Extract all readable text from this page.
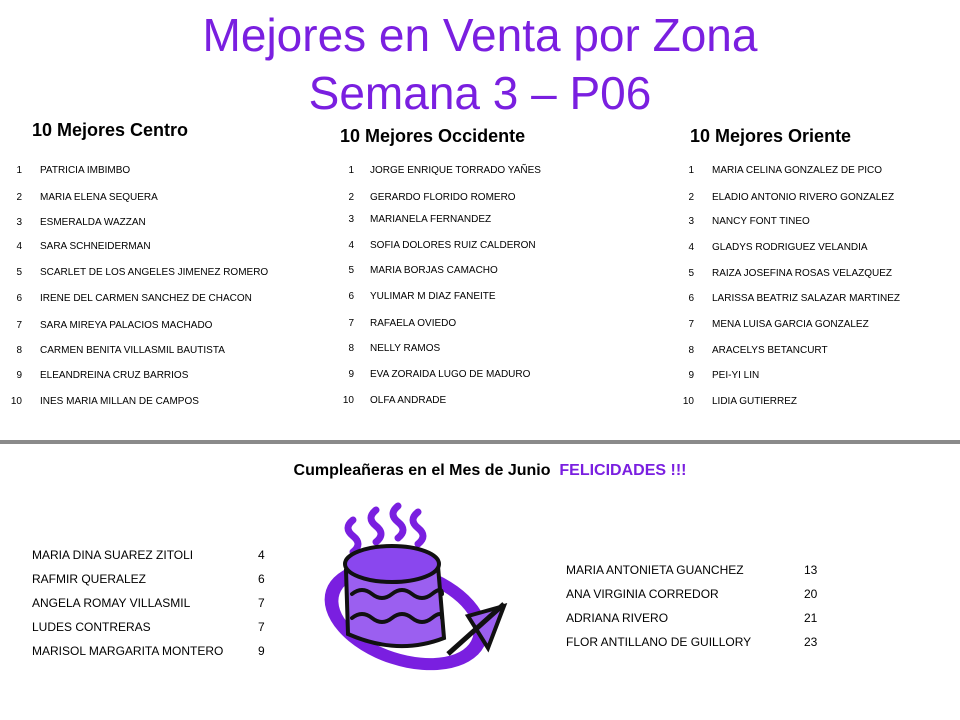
Mejores en Venta por Zona
Semana 3 – P06
10 Mejores Centro
1 PATRICIA IMBIMBO
2 MARIA ELENA SEQUERA
3 ESMERALDA WAZZAN
4 SARA SCHNEIDERMAN
5 SCARLET DE LOS ANGELES JIMENEZ ROMERO
6 IRENE DEL CARMEN SANCHEZ DE CHACON
7 SARA MIREYA PALACIOS MACHADO
8 CARMEN BENITA VILLASMIL BAUTISTA
9 ELEANDREINA CRUZ BARRIOS
10 INES MARIA MILLAN DE CAMPOS
10 Mejores Occidente
1 JORGE ENRIQUE TORRADO YAÑES
2 GERARDO FLORIDO ROMERO
3 MARIANELA FERNANDEZ
4 SOFIA DOLORES RUIZ CALDERON
5 MARIA BORJAS CAMACHO
6 YULIMAR M DIAZ FANEITE
7 RAFAELA OVIEDO
8 NELLY RAMOS
9 EVA ZORAIDA LUGO DE MADURO
10 OLFA ANDRADE
10 Mejores Oriente
1 MARIA CELINA GONZALEZ DE PICO
2 ELADIO ANTONIO RIVERO GONZALEZ
3 NANCY FONT TINEO
4 GLADYS RODRIGUEZ VELANDIA
5 RAIZA JOSEFINA ROSAS VELAZQUEZ
6 LARISSA BEATRIZ SALAZAR MARTINEZ
7 MENA LUISA GARCIA GONZALEZ
8 ARACELYS BETANCURT
9 PEI-YI LIN
10 LIDIA GUTIERREZ
Cumpleañeras en el Mes de Junio FELICIDADES !!!
MARIA DINA SUAREZ ZITOLI	4
RAFMIR QUERALEZ	6
ANGELA ROMAY VILLASMIL	7
LUDES CONTRERAS	7
MARISOL MARGARITA MONTERO	9
MARIA ANTONIETA GUANCHEZ	13
ANA VIRGINIA CORREDOR	20
ADRIANA RIVERO	21
FLOR ANTILLANO DE GUILLORY	23
